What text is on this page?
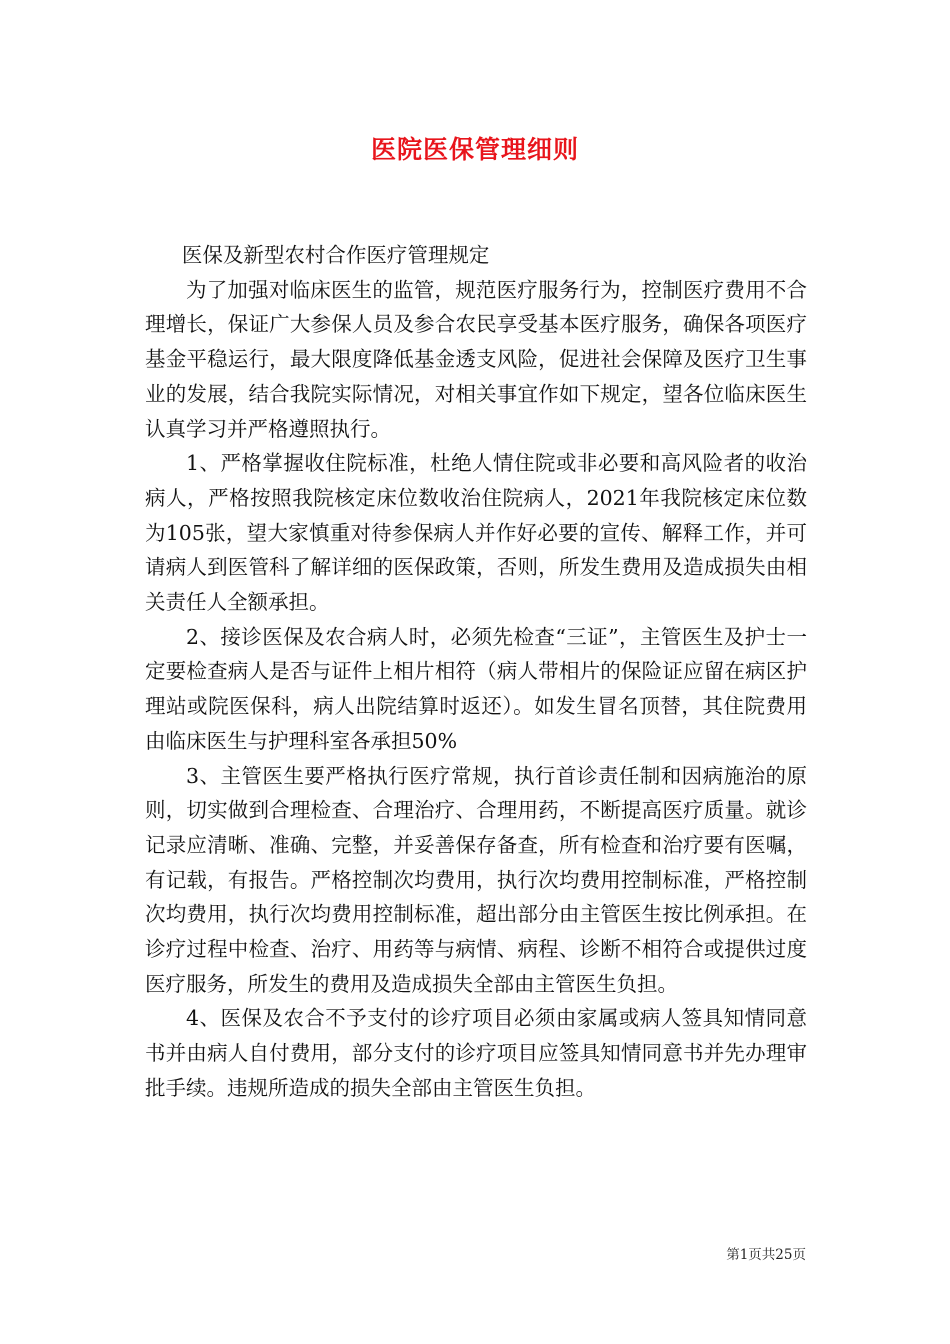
医院医保管理细则

医保及新型农村合作医疗管理规定

为了加强对临床医生的监管，规范医疗服务行为，控制医疗费用不合理增长，保证广大参保人员及参合农民享受基本医疗服务，确保各项医疗基金平稳运行，最大限度降低基金透支风险，促进社会保障及医疗卫生事业的发展，结合我院实际情况，对相关事宜作如下规定，望各位临床医生认真学习并严格遵照执行。

1、严格掌握收住院标准，杜绝人情住院或非必要和高风险者的收治病人，严格按照我院核定床位数收治住院病人，2021年我院核定床位数为105张，望大家慎重对待参保病人并作好必要的宣传、解释工作，并可请病人到医管科了解详细的医保政策，否则，所发生费用及造成损失由相关责任人全额承担。

2、接诊医保及农合病人时，必须先检查“三证”，主管医生及护士一定要检查病人是否与证件上相片相符（病人带相片的保险证应留在病区护理站或院医保科，病人出院结算时返还）。如发生冒名顶替，其住院费用由临床医生与护理科室各承担50%

3、主管医生要严格执行医疗常规，执行首诊责任制和因病施治的原则，切实做到合理检查、合理治疗、合理用药，不断提高医疗质量。就诊记录应清晰、准确、完整，并妥善保存备查，所有检查和治疗要有医嘱，有记载，有报告。严格控制次均费用，执行次均费用控制标准，严格控制次均费用，执行次均费用控制标准，超出部分由主管医生按比例承担。在诊疗过程中检查、治疗、用药等与病情、病程、诊断不相符合或提供过度医疗服务，所发生的费用及造成损失全部由主管医生负担。

4、医保及农合不予支付的诊疗项目必须由家属或病人签具知情同意书并由病人自付费用，部分支付的诊疗项目应签具知情同意书并先办理审批手续。违规所造成的损失全部由主管医生负担。

第1页共25页
